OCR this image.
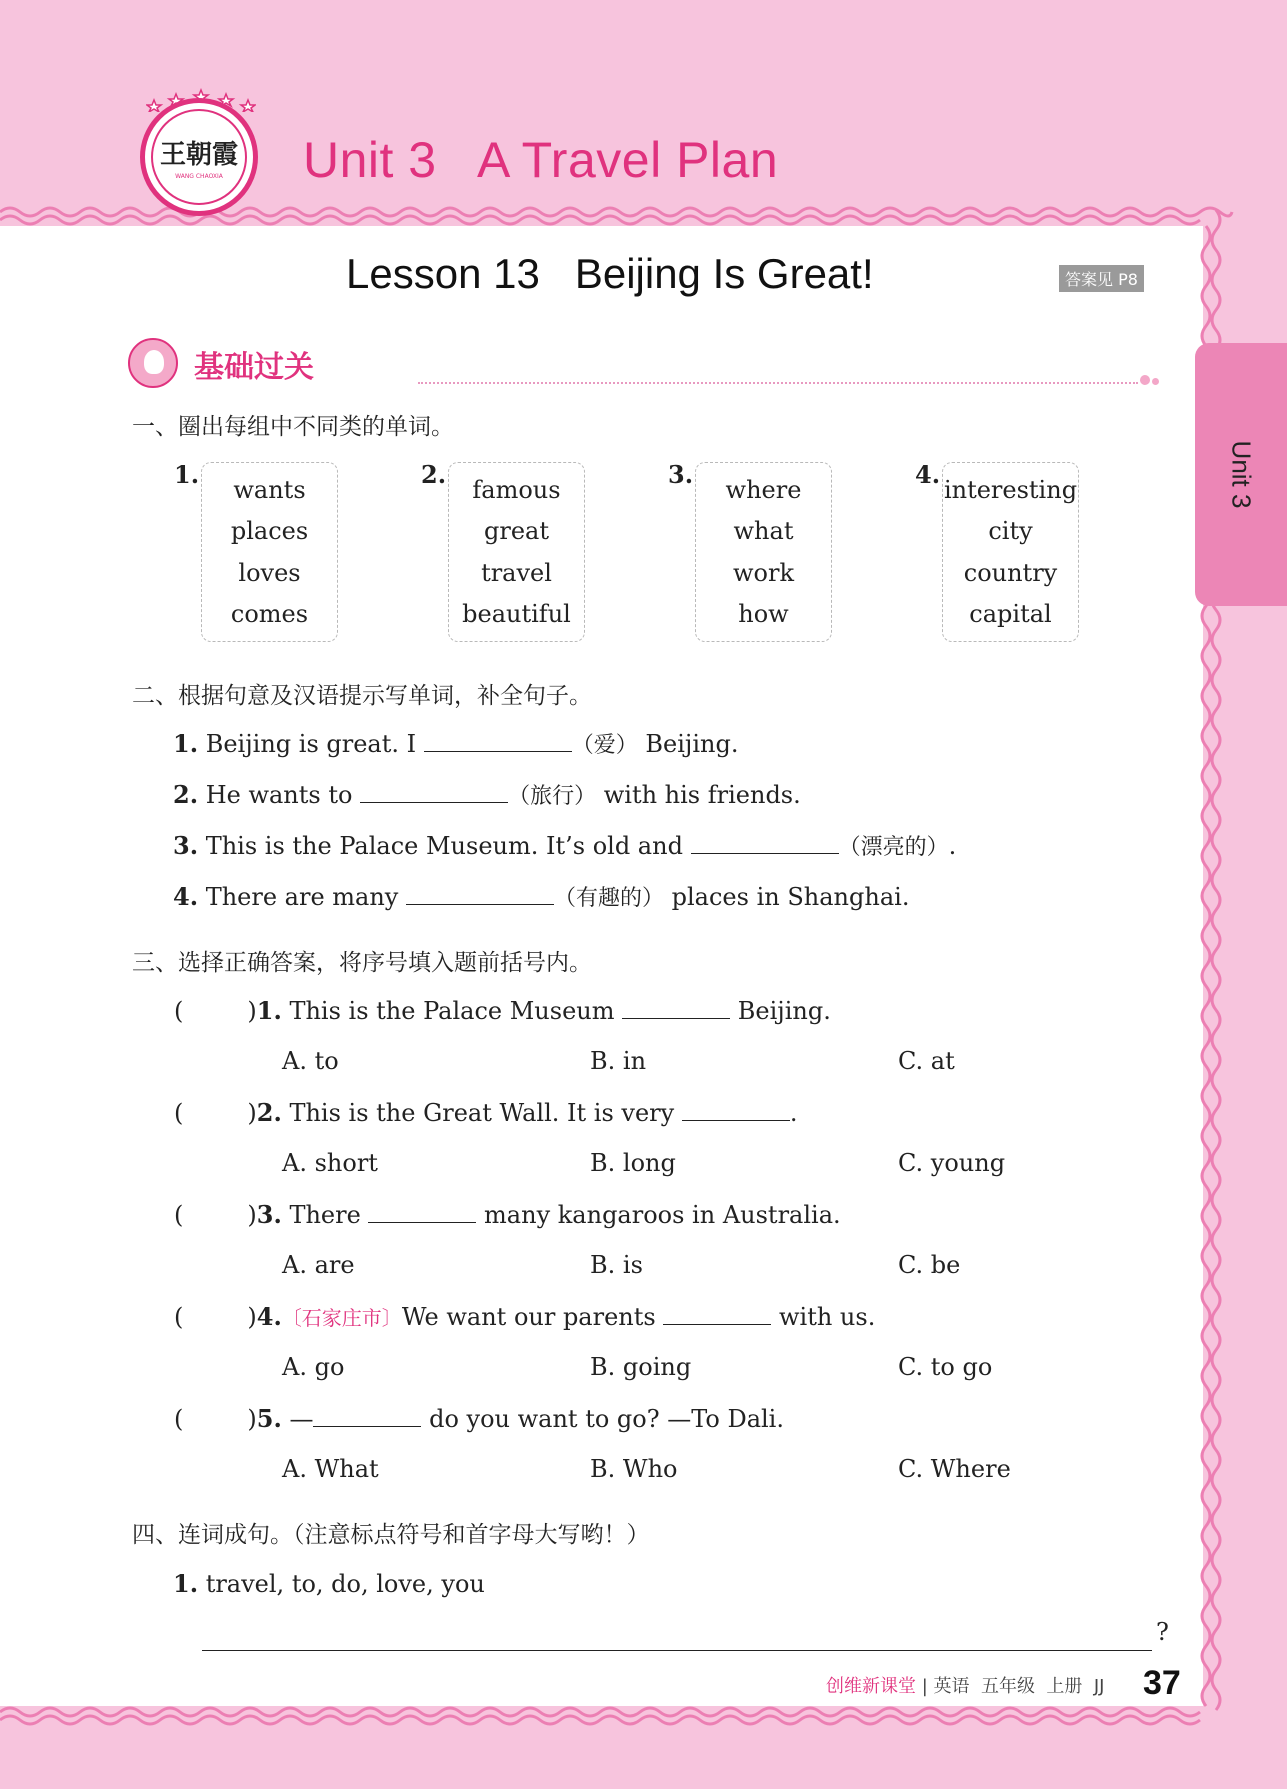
王朝霞
WANG CHAOXIA Unit 3   A Travel Plan
Lesson 13   Beijing Is Great!	答案见 P8
Unit 3
基础过关
一、圈出每组中不同类的单词。
1.
wants
places
loves
comes
2.
famous
great
travel
beautiful
3.
where
what
work
how
4.
interesting
city
country
capital
二、根据句意及汉语提示写单词，补全句子。
1. Beijing is great. I	（爱） Beijing.
2. He wants to	（旅行） with his friends.
3. This is the Palace Museum. It’s old and	（漂亮的）.
4. There are many	（有趣的） places in Shanghai.
三、选择正确答案，将序号填入题前括号内。
(	)1. This is the Palace Museum	Beijing.
A. to	B. in	C. at
(	)2. This is the Great Wall. It is very	.
A. short	B. long	C. young
(	)3. There	many kangaroos in Australia.
A. are	B. is	C. be
(	)4.〔石家庄市〕We want our parents	with us.
A. go	B. going	C. to go
(	)5. —	do you want to go? —To Dali.
A. What	B. Who	C. Where
四、连词成句。（注意标点符号和首字母大写哟！）
1. travel, to, do, love, you
?
创维新课堂 | 英语  五年级  上册  JJ 37
